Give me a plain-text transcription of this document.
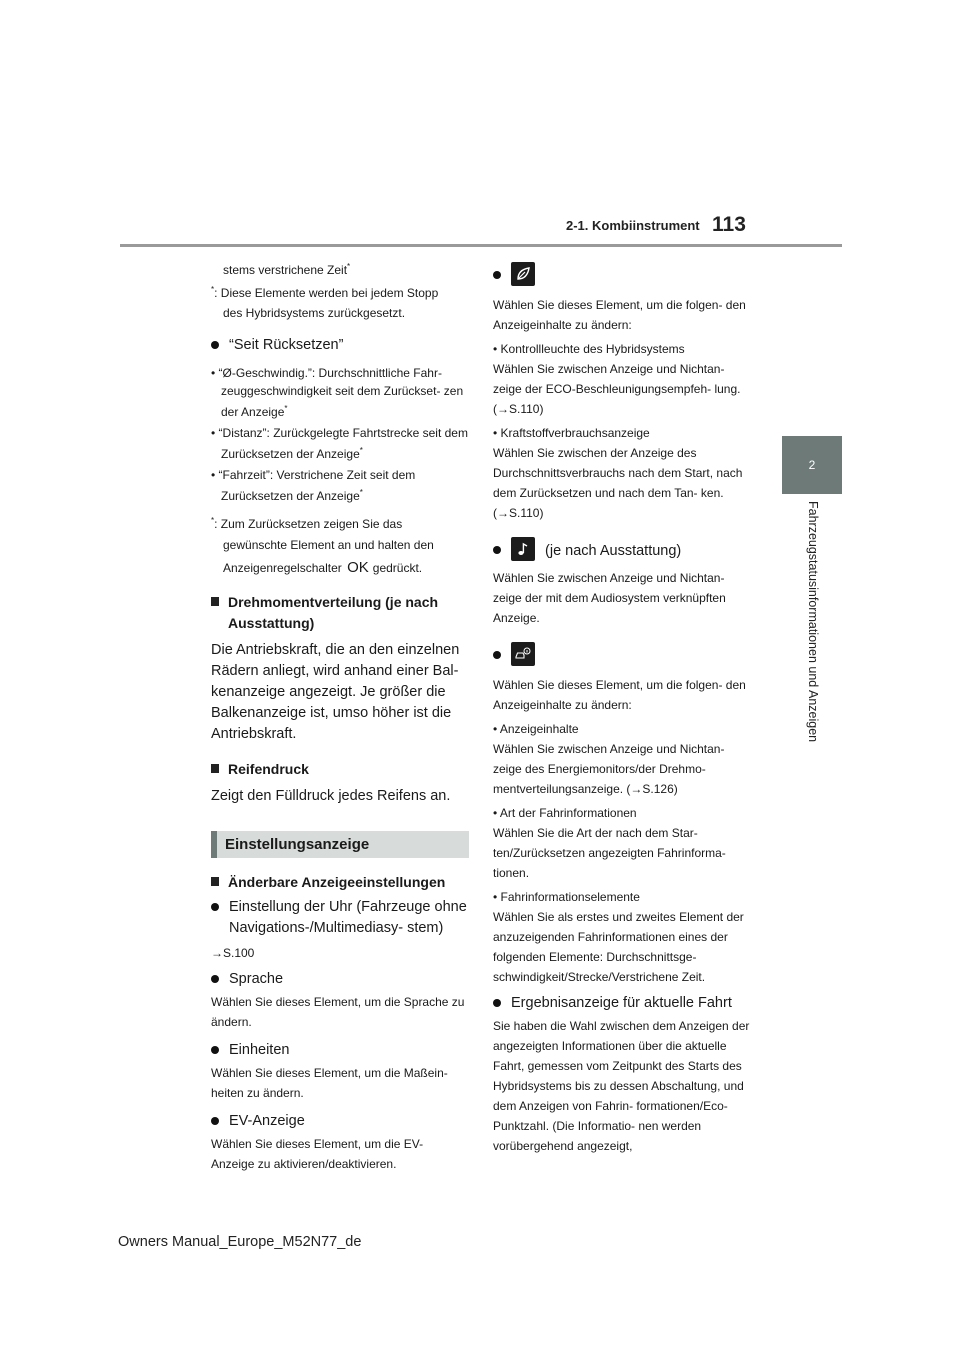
2-1. Kombiinstrument 113
2
Fahrzeugstatusinformationen und Anzeigen

stems verstrichene Zeit*

*: Diese Elemente werden bei jedem Stopp

des Hybridsystems zurückgesetzt.

“Seit Rücksetzen”

• “Ø-Geschwindig.”: Durchschnittliche Fahr- zeuggeschwindigkeit seit dem Zurückset- zen der Anzeige*

• “Distanz”: Zurückgelegte Fahrtstrecke seit dem Zurücksetzen der Anzeige*

• “Fahrzeit”: Verstrichene Zeit seit dem Zurücksetzen der Anzeige*

*: Zum Zurücksetzen zeigen Sie das

gewünschte Element an und halten den

Anzeigenregelschalter OK gedrückt.

Drehmomentverteilung (je nach Ausstattung)

Die Antriebskraft, die an den einzelnen Rädern anliegt, wird anhand einer Bal- kenanzeige angezeigt. Je größer die Balkenanzeige ist, umso höher ist die Antriebskraft.

Reifendruck

Zeigt den Fülldruck jedes Reifens an.

Einstellungsanzeige

Änderbare Anzeigeeinstellungen

Einstellung der Uhr (Fahrzeuge ohne Navigations-/Multimediasy- stem)

→S.100

Sprache

Wählen Sie dieses Element, um die Sprache zu ändern.

Einheiten

Wählen Sie dieses Element, um die Maßein- heiten zu ändern.

EV-Anzeige

Wählen Sie dieses Element, um die EV- Anzeige zu aktivieren/deaktivieren.

Wählen Sie dieses Element, um die folgen- den Anzeigeinhalte zu ändern:

• Kontrollleuchte des Hybridsystems

Wählen Sie zwischen Anzeige und Nichtan- zeige der ECO-Beschleunigungsempfeh- lung. (→S.110)

• Kraftstoffverbrauchsanzeige

Wählen Sie zwischen der Anzeige des Durchschnittsverbrauchs nach dem Start, nach dem Zurücksetzen und nach dem Tan- ken. (→S.110)

(je nach Ausstattung)

Wählen Sie zwischen Anzeige und Nichtan- zeige der mit dem Audiosystem verknüpften Anzeige.

Wählen Sie dieses Element, um die folgen- den Anzeigeinhalte zu ändern:

• Anzeigeinhalte

Wählen Sie zwischen Anzeige und Nichtan- zeige des Energiemonitors/der Drehmo- mentverteilungsanzeige. (→S.126)

• Art der Fahrinformationen

Wählen Sie die Art der nach dem Star- ten/Zurücksetzen angezeigten Fahrinforma- tionen.

• Fahrinformationselemente

Wählen Sie als erstes und zweites Element der anzuzeigenden Fahrinformationen eines der folgenden Elemente: Durchschnittsge- schwindigkeit/Strecke/Verstrichene Zeit.

Ergebnisanzeige für aktuelle Fahrt

Sie haben die Wahl zwischen dem Anzeigen der angezeigten Informationen über die aktuelle Fahrt, gemessen vom Zeitpunkt des Starts des Hybridsystems bis zu dessen Abschaltung, und dem Anzeigen von Fahrin- formationen/Eco-Punktzahl. (Die Informatio- nen werden vorübergehend angezeigt,

Owners Manual_Europe_M52N77_de
